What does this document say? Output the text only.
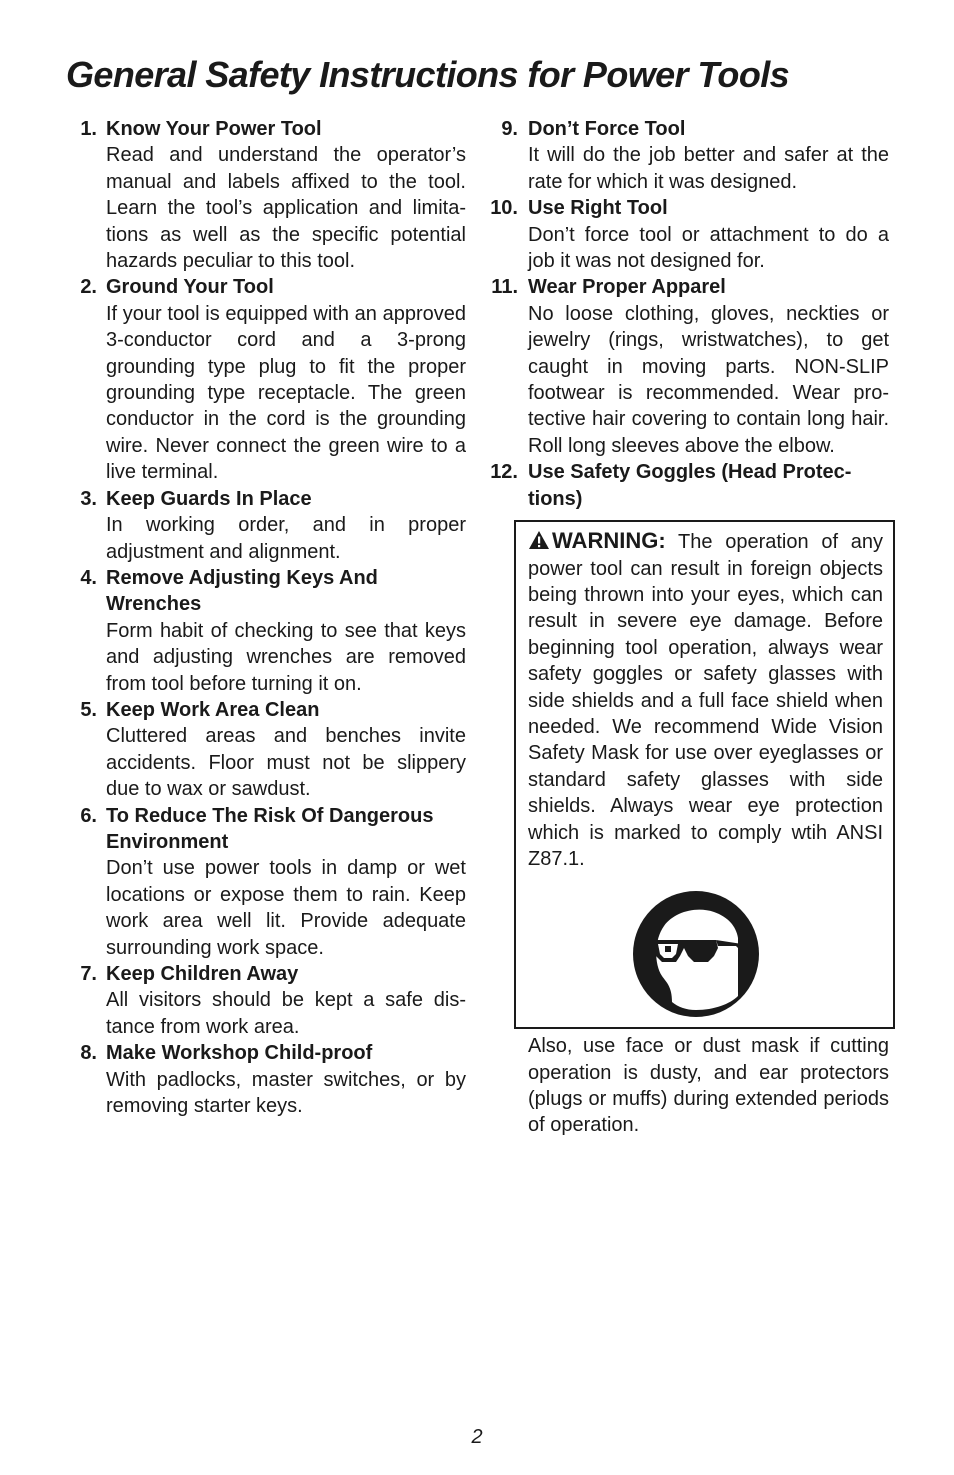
General Safety Instructions for Power Tools
1. Know Your Power Tool
Read and understand the operator’s manual and labels affixed to the tool. Learn the tool’s application and limitations as well as the specific potential hazards peculiar to this tool.
2. Ground Your Tool
If your tool is equipped with an approved 3-conductor cord and a 3-prong grounding type plug to fit the proper grounding type receptacle. The green conductor in the cord is the grounding wire. Never connect the green wire to a live terminal.
3. Keep Guards In Place
In working order, and in proper adjustment and alignment.
4. Remove Adjusting Keys And Wrenches
Form habit of checking to see that keys and adjusting wrenches are removed from tool before turning it on.
5. Keep Work Area Clean
Cluttered areas and benches invite accidents. Floor must not be slippery due to wax or sawdust.
6. To Reduce The Risk Of Dangerous Environment
Don’t use power tools in damp or wet locations or expose them to rain. Keep work area well lit. Provide adequate surrounding work space.
7. Keep Children Away
All visitors should be kept a safe distance from work area.
8. Make Workshop Child-proof
With padlocks, master switches, or by removing starter keys.
9. Don’t Force Tool
It will do the job better and safer at the rate for which it was designed.
10. Use Right Tool
Don’t force tool or attachment to do a job it was not designed for.
11. Wear Proper Apparel
No loose clothing, gloves, neckties or jewelry (rings, wristwatches), to get caught in moving parts. NON-SLIP footwear is recommended. Wear protective hair covering to contain long hair. Roll long sleeves above the elbow.
12. Use Safety Goggles (Head Protections)
WARNING: The operation of any power tool can result in foreign objects being thrown into your eyes, which can result in severe eye damage. Before beginning tool operation, always wear safety goggles or safety glasses with side shields and a full face shield when needed. We recommend Wide Vision Safety Mask for use over eyeglasses or standard safety glasses with side shields. Always wear eye protection which is marked to comply wtih ANSI Z87.1.
Also, use face or dust mask if cutting operation is dusty, and ear protectors (plugs or muffs) during extended periods of operation.
2
